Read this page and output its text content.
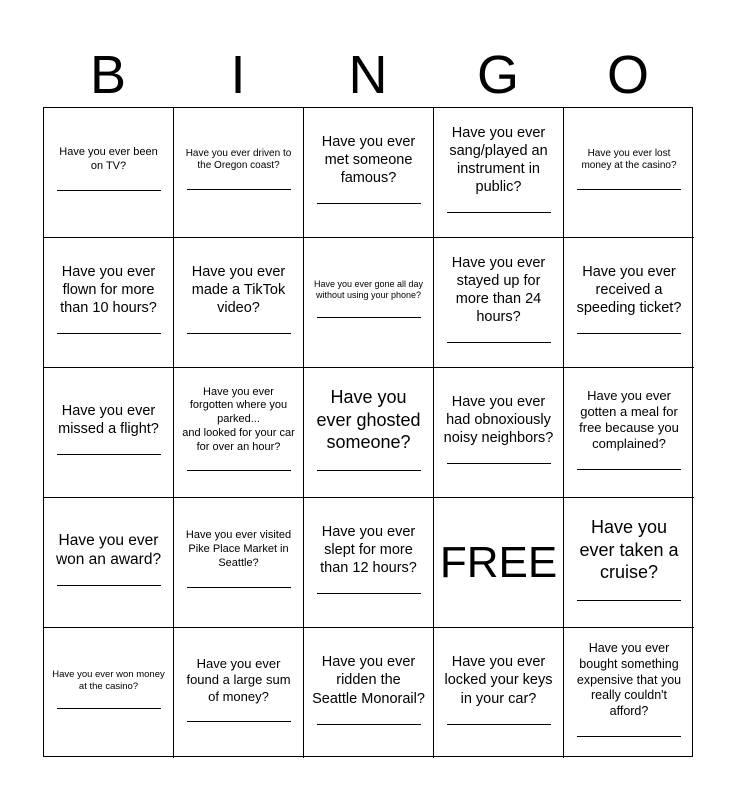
B	I	N	G	O
Have you ever been on TV?
Have you ever driven to the Oregon coast?
Have you ever met someone famous?
Have you ever sang/played an instrument in public?
Have you ever lost money at the casino?
Have you ever flown for more than 10 hours?
Have you ever made a TikTok video?
Have you ever gone all day without using your phone?
Have you ever stayed up for more than 24 hours?
Have you ever received a speeding ticket?
Have you ever missed a flight?
Have you ever forgotten where you parked...
and looked for your car for over an hour?
Have you ever ghosted someone?
Have you ever had obnoxiously noisy neighbors?
Have you ever gotten a meal for free because you complained?
Have you ever won an award?
Have you ever visited Pike Place Market in Seattle?
Have you ever slept for more than 12 hours? FREE
Have you ever taken a cruise?
Have you ever won money at the casino?
Have you ever found a large sum of money?
Have you ever ridden the Seattle Monorail?
Have you ever locked your keys in your car?
Have you ever bought something expensive that you really couldn't afford?
